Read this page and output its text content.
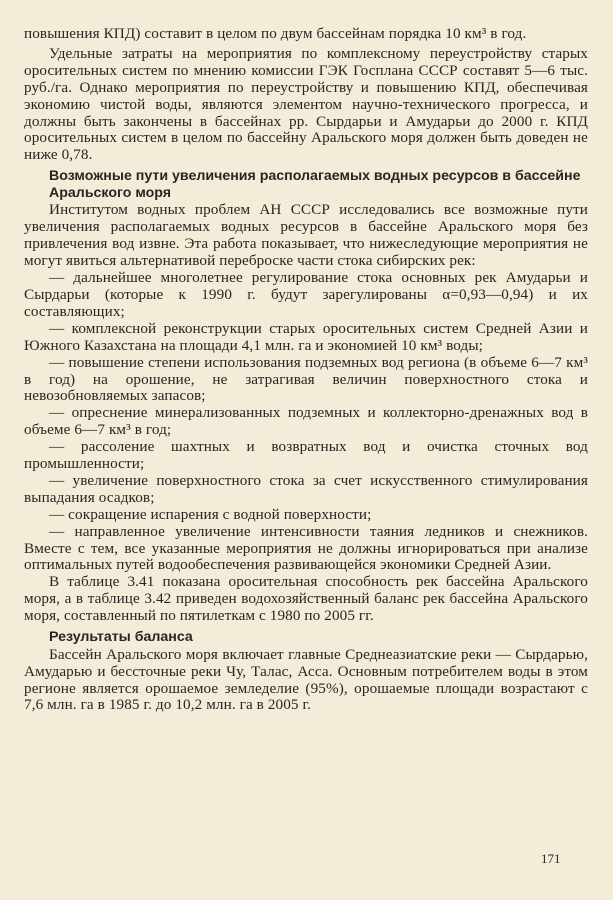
повышения КПД) составит в целом по двум бассейнам порядка 10 км³ в год.

Удельные затраты на мероприятия по комплексному переустройству старых оросительных систем по мнению комиссии ГЭК Госплана СССР составят 5—6 тыс. руб./га. Однако мероприятия по переустройству и повышению КПД, обеспечивая экономию чистой воды, являются элементом научно-технического прогресса, и должны быть закончены в бассейнах рр. Сырдарьи и Амударьи до 2000 г. КПД оросительных систем в целом по бассейну Аральского моря должен быть доведен не ниже 0,78.

Возможные пути увеличения располагаемых водных ресурсов в бассейне Аральского моря

Институтом водных проблем АН СССР исследовались все возможные пути увеличения располагаемых водных ресурсов в бассейне Аральского моря без привлечения вод извне. Эта работа показывает, что нижеследующие мероприятия не могут явиться альтернативой переброске части стока сибирских рек:

— дальнейшее многолетнее регулирование стока основных рек Амударьи и Сырдарьи (которые к 1990 г. будут зарегулированы α=0,93—0,94) и их составляющих;

— комплексной реконструкции старых оросительных систем Средней Азии и Южного Казахстана на площади 4,1 млн. га и экономией 10 км³ воды;

— повышение степени использования подземных вод региона (в объеме 6—7 км³ в год) на орошение, не затрагивая величин поверхностного стока и невозобновляемых запасов;

— опреснение минерализованных подземных и коллекторно-дренажных вод в объеме 6—7 км³ в год;

— рассоление шахтных и возвратных вод и очистка сточных вод промышленности;

— увеличение поверхностного стока за счет искусственного стимулирования выпадания осадков;

— сокращение испарения с водной поверхности;

— направленное увеличение интенсивности таяния ледников и снежников. Вместе с тем, все указанные мероприятия не должны игнорироваться при анализе оптимальных путей водообеспечения развивающейся экономики Средней Азии.

В таблице 3.41 показана оросительная способность рек бассейна Аральского моря, а в таблице 3.42 приведен водохозяйственный баланс рек бассейна Аральского моря, составленный по пятилеткам с 1980 по 2005 гг.

Результаты баланса

Бассейн Аральского моря включает главные Среднеазиатские реки — Сырдарью, Амударью и бессточные реки Чу, Талас, Асса. Основным потребителем воды в этом регионе является орошаемое земледелие (95%), орошаемые площади возрастают с 7,6 млн. га в 1985 г. до 10,2 млн. га в 2005 г.

171
